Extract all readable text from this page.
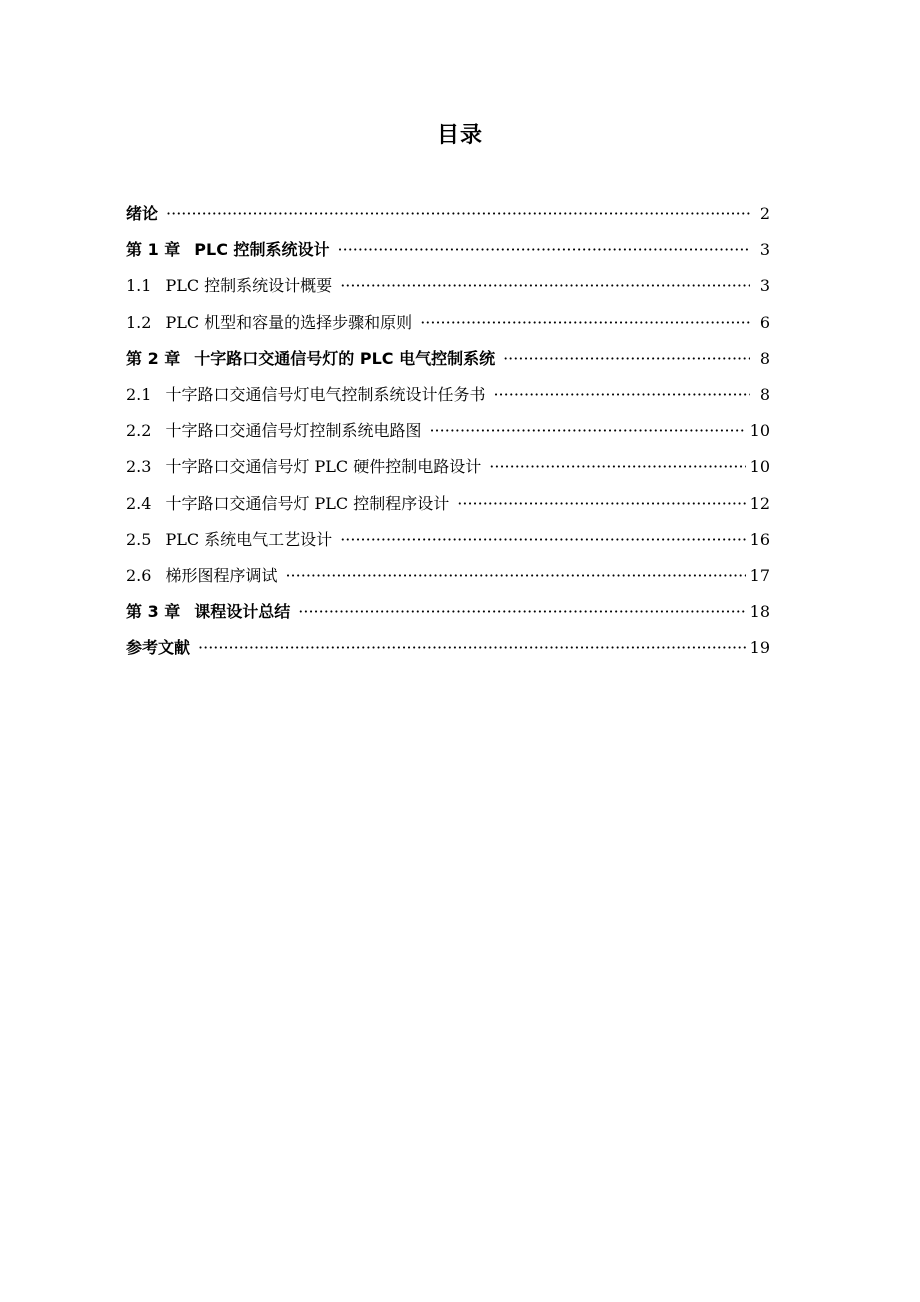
目录
绪论 ·····	2
第 1 章 PLC 控制系统设计 ·····	3
1.1 PLC 控制系统设计概要 ·····	3
1.2 PLC 机型和容量的选择步骤和原则 ·····	6
第 2 章 十字路口交通信号灯的 PLC 电气控制系统 ·····	8
2.1 十字路口交通信号灯电气控制系统设计任务书 ·····	8
2.2 十字路口交通信号灯控制系统电路图 ·····	10
2.3 十字路口交通信号灯 PLC 硬件控制电路设计 ·····	10
2.4 十字路口交通信号灯 PLC 控制程序设计 ·····	12
2.5 PLC 系统电气工艺设计 ·····	16
2.6 梯形图程序调试 ·····	17
第 3 章 课程设计总结 ·····	18
参考文献 ·····	19
